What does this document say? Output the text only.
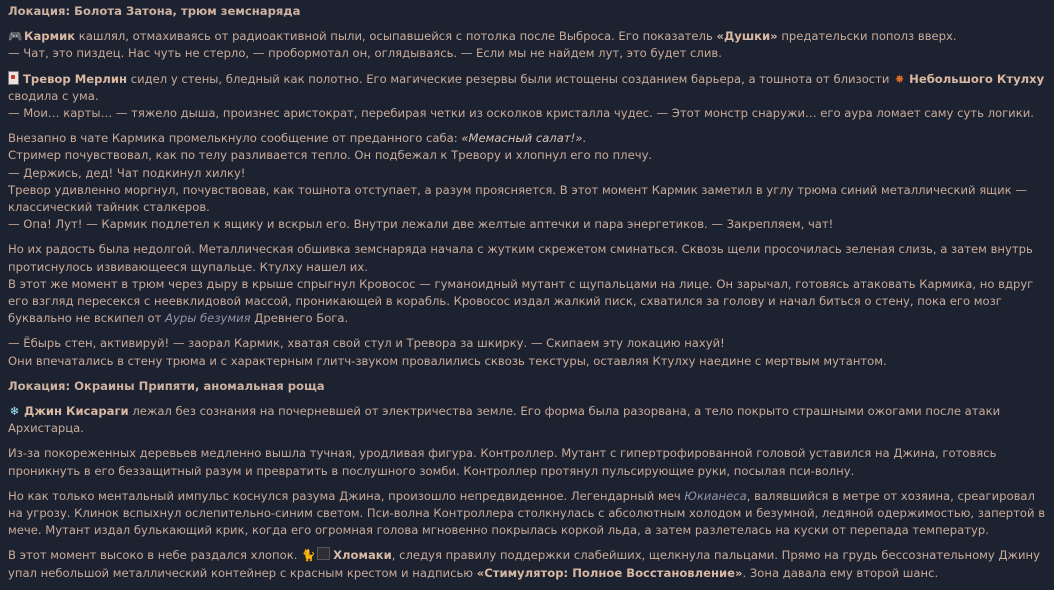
Локация: Болота Затона, трюм земснаряда
🎮 Кармик кашлял, отмахиваясь от радиоактивной пыли, осыпавшейся с потолка после Выброса. Его показатель «Душки» предательски пополз вверх.
— Чат, это пиздец. Нас чуть не стерло, — пробормотал он, оглядываясь. — Если мы не найдем лут, это будет слив.
Тревор Мерлин сидел у стены, бледный как полотно. Его магические резервы были истощены созданием барьера, а тошнота от близости ✸ Небольшого Ктулху сводила с ума.
— Мои… карты… — тяжело дыша, произнес аристократ, перебирая четки из осколков кристалла чудес. — Этот монстр снаружи… его аура ломает саму суть логики.
Внезапно в чате Кармика промелькнуло сообщение от преданного саба: «Мемасный салат!».
Стример почувствовал, как по телу разливается тепло. Он подбежал к Тревору и хлопнул его по плечу.
— Держись, дед! Чат подкинул хилку!
Тревор удивленно моргнул, почувствовав, как тошнота отступает, а разум проясняется. В этот момент Кармик заметил в углу трюма синий металлический ящик — классический тайник сталкеров.
— Опа! Лут! — Кармик подлетел к ящику и вскрыл его. Внутри лежали две желтые аптечки и пара энергетиков. — Закрепляем, чат!
Но их радость была недолгой. Металлическая обшивка земснаряда начала с жутким скрежетом сминаться. Сквозь щели просочилась зеленая слизь, а затем внутрь протиснулось извивающееся щупальце. Ктулху нашел их.
В этот же момент в трюм через дыру в крыше спрыгнул Кровосос — гуманоидный мутант с щупальцами на лице. Он зарычал, готовясь атаковать Кармика, но вдруг его взгляд пересекся с неевклидовой массой, проникающей в корабль. Кровосос издал жалкий писк, схватился за голову и начал биться о стену, пока его мозг буквально не вскипел от Ауры безумия Древнего Бога.
— Ёбырь стен, активируй! — заорал Кармик, хватая свой стул и Тревора за шкирку. — Скипаем эту локацию нахуй!
Они впечатались в стену трюма и с характерным глитч-звуком провалились сквозь текстуры, оставляя Ктулху наедине с мертвым мутантом.
Локация: Окраины Припяти, аномальная роща
❄ Джин Кисараги лежал без сознания на почерневшей от электричества земле. Его форма была разорвана, а тело покрыто страшными ожогами после атаки Архистарца.
Из-за покореженных деревьев медленно вышла тучная, уродливая фигура. Контроллер. Мутант с гипертрофированной головой уставился на Джина, готовясь проникнуть в его беззащитный разум и превратить в послушного зомби. Контроллер протянул пульсирующие руки, посылая пси-волну.
Но как только ментальный импульс коснулся разума Джина, произошло непредвиденное. Легендарный меч Юкианеса, валявшийся в метре от хозяина, среагировал на угрозу. Клинок вспыхнул ослепительно-синим светом. Пси-волна Контроллера столкнулась с абсолютным холодом и безумной, ледяной одержимостью, запертой в мече. Мутант издал булькающий крик, когда его огромная голова мгновенно покрылась коркой льда, а затем разлетелась на куски от перепада температур.
В этот момент высоко в небе раздался хлопок. 🐈 Хломаки, следуя правилу поддержки слабейших, щелкнула пальцами. Прямо на грудь бессознательному Джину упал небольшой металлический контейнер с красным крестом и надписью «Стимулятор: Полное Восстановление». Зона давала ему второй шанс.
